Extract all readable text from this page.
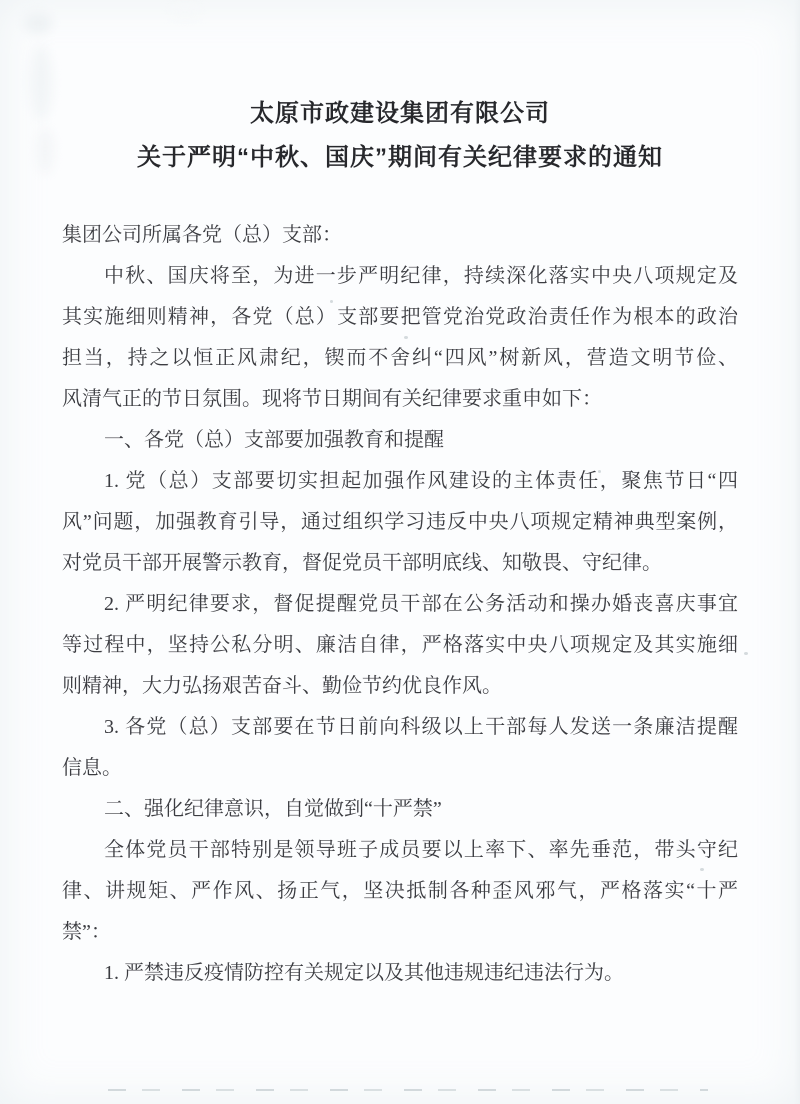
太原市政建设集团有限公司
关于严明“中秋、国庆”期间有关纪律要求的通知
集团公司所属各党（总）支部：
中秋、国庆将至，为进一步严明纪律，持续深化落实中央八项规定及
其实施细则精神，各党（总）支部要把管党治党政治责任作为根本的政治
担当，持之以恒正风肃纪，锲而不舍纠“四风”树新风，营造文明节俭、
风清气正的节日氛围。现将节日期间有关纪律要求重申如下：
一、各党（总）支部要加强教育和提醒
1. 党（总）支部要切实担起加强作风建设的主体责任，聚焦节日“四
风”问题，加强教育引导，通过组织学习违反中央八项规定精神典型案例，
对党员干部开展警示教育，督促党员干部明底线、知敬畏、守纪律。
2. 严明纪律要求，督促提醒党员干部在公务活动和操办婚丧喜庆事宜
等过程中，坚持公私分明、廉洁自律，严格落实中央八项规定及其实施细
则精神，大力弘扬艰苦奋斗、勤俭节约优良作风。
3. 各党（总）支部要在节日前向科级以上干部每人发送一条廉洁提醒
信息。
二、强化纪律意识，自觉做到“十严禁”
全体党员干部特别是领导班子成员要以上率下、率先垂范，带头守纪
律、讲规矩、严作风、扬正气，坚决抵制各种歪风邪气，严格落实“十严
禁”：
1. 严禁违反疫情防控有关规定以及其他违规违纪违法行为。
